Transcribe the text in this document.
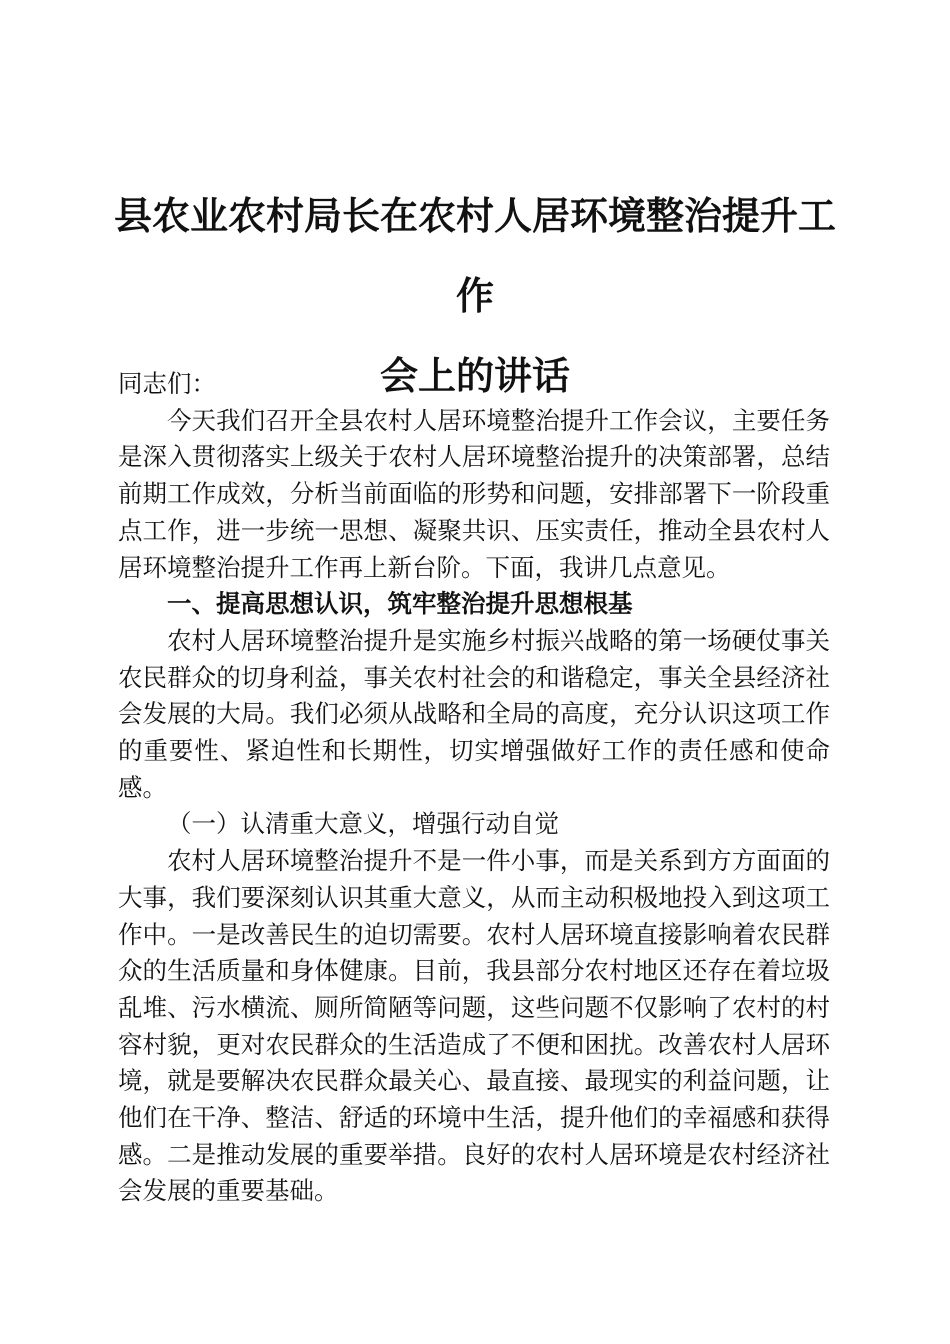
县农业农村局长在农村人居环境整治提升工作
会上的讲话

同志们：

今天我们召开全县农村人居环境整治提升工作会议，主要任务是深入贯彻落实上级关于农村人居环境整治提升的决策部署，总结前期工作成效，分析当前面临的形势和问题，安排部署下一阶段重点工作，进一步统一思想、凝聚共识、压实责任，推动全县农村人居环境整治提升工作再上新台阶。下面，我讲几点意见。

一、提高思想认识，筑牢整治提升思想根基

农村人居环境整治提升是实施乡村振兴战略的第一场硬仗事关农民群众的切身利益，事关农村社会的和谐稳定，事关全县经济社会发展的大局。我们必须从战略和全局的高度，充分认识这项工作的重要性、紧迫性和长期性，切实增强做好工作的责任感和使命感。

（一）认清重大意义，增强行动自觉

农村人居环境整治提升不是一件小事，而是关系到方方面面的大事，我们要深刻认识其重大意义，从而主动积极地投入到这项工作中。一是改善民生的迫切需要。农村人居环境直接影响着农民群众的生活质量和身体健康。目前，我县部分农村地区还存在着垃圾乱堆、污水横流、厕所简陋等问题，这些问题不仅影响了农村的村容村貌，更对农民群众的生活造成了不便和困扰。改善农村人居环境，就是要解决农民群众最关心、最直接、最现实的利益问题，让他们在干净、整洁、舒适的环境中生活，提升他们的幸福感和获得感。二是推动发展的重要举措。良好的农村人居环境是农村经济社会发展的重要基础。
